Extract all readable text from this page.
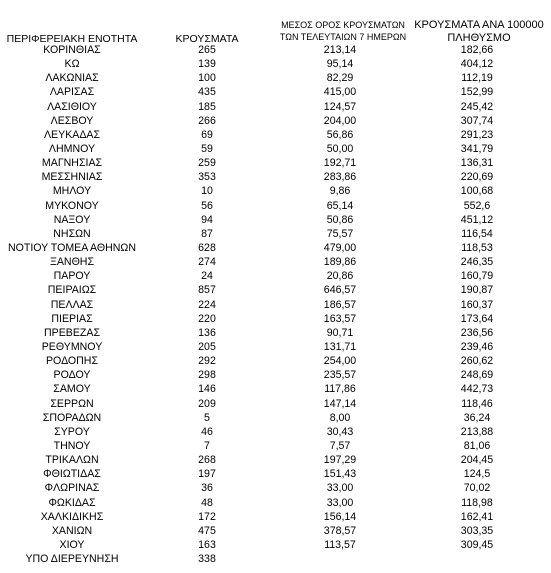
ΠΕΡΙΦΕΡΕΙΑΚΗ ΕΝΟΤΗΤΑ	ΚΡΟΥΣΜΑΤΑ
ΜΕΣΟΣ ΟΡΟΣ ΚΡΟΥΣΜΑΤΩΝ
ΤΩΝ ΤΕΛΕΥΤΑΙΩΝ 7 ΗΜΕΡΩΝ
ΚΡΟΥΣΜΑΤΑ ΑΝΑ 100000
ΠΛΗΘΥΣΜΟ
ΚΟΡΙΝΘΙΑΣ	265	213,14	182,66
ΚΩ	139	95,14	404,12
ΛΑΚΩΝΙΑΣ	100	82,29	112,19
ΛΑΡΙΣΑΣ	435	415,00	152,99
ΛΑΣΙΘΙΟΥ	185	124,57	245,42
ΛΕΣΒΟΥ	266	204,00	307,74
ΛΕΥΚΑΔΑΣ	69	56,86	291,23
ΛΗΜΝΟΥ	59	50,00	341,79
ΜΑΓΝΗΣΙΑΣ	259	192,71	136,31
ΜΕΣΣΗΝΙΑΣ	353	283,86	220,69
ΜΗΛΟΥ	10	9,86	100,68
ΜΥΚΟΝΟΥ	56	65,14	552,6
ΝΑΞΟΥ	94	50,86	451,12
ΝΗΣΩΝ	87	75,57	116,54
ΝΟΤΙΟΥ ΤΟΜΕΑ ΑΘΗΝΩΝ	628	479,00	118,53
ΞΑΝΘΗΣ	274	189,86	246,35
ΠΑΡΟΥ	24	20,86	160,79
ΠΕΙΡΑΙΩΣ	857	646,57	190,87
ΠΕΛΛΑΣ	224	186,57	160,37
ΠΙΕΡΙΑΣ	220	163,57	173,64
ΠΡΕΒΕΖΑΣ	136	90,71	236,56
ΡΕΘΥΜΝΟΥ	205	131,71	239,46
ΡΟΔΟΠΗΣ	292	254,00	260,62
ΡΟΔΟΥ	298	235,57	248,69
ΣΑΜΟΥ	146	117,86	442,73
ΣΕΡΡΩΝ	209	147,14	118,46
ΣΠΟΡΑΔΩΝ	5	8,00	36,24
ΣΥΡΟΥ	46	30,43	213,88
ΤΗΝΟΥ	7	7,57	81,06
ΤΡΙΚΑΛΩΝ	268	197,29	204,45
ΦΘΙΩΤΙΔΑΣ	197	151,43	124,5
ΦΛΩΡΙΝΑΣ	36	33,00	70,02
ΦΩΚΙΔΑΣ	48	33,00	118,98
ΧΑΛΚΙΔΙΚΗΣ	172	156,14	162,41
ΧΑΝΙΩΝ	475	378,57	303,35
ΧΙΟΥ	163	113,57	309,45
ΥΠΟ ΔΙΕΡΕΥΝΗΣΗ	338
